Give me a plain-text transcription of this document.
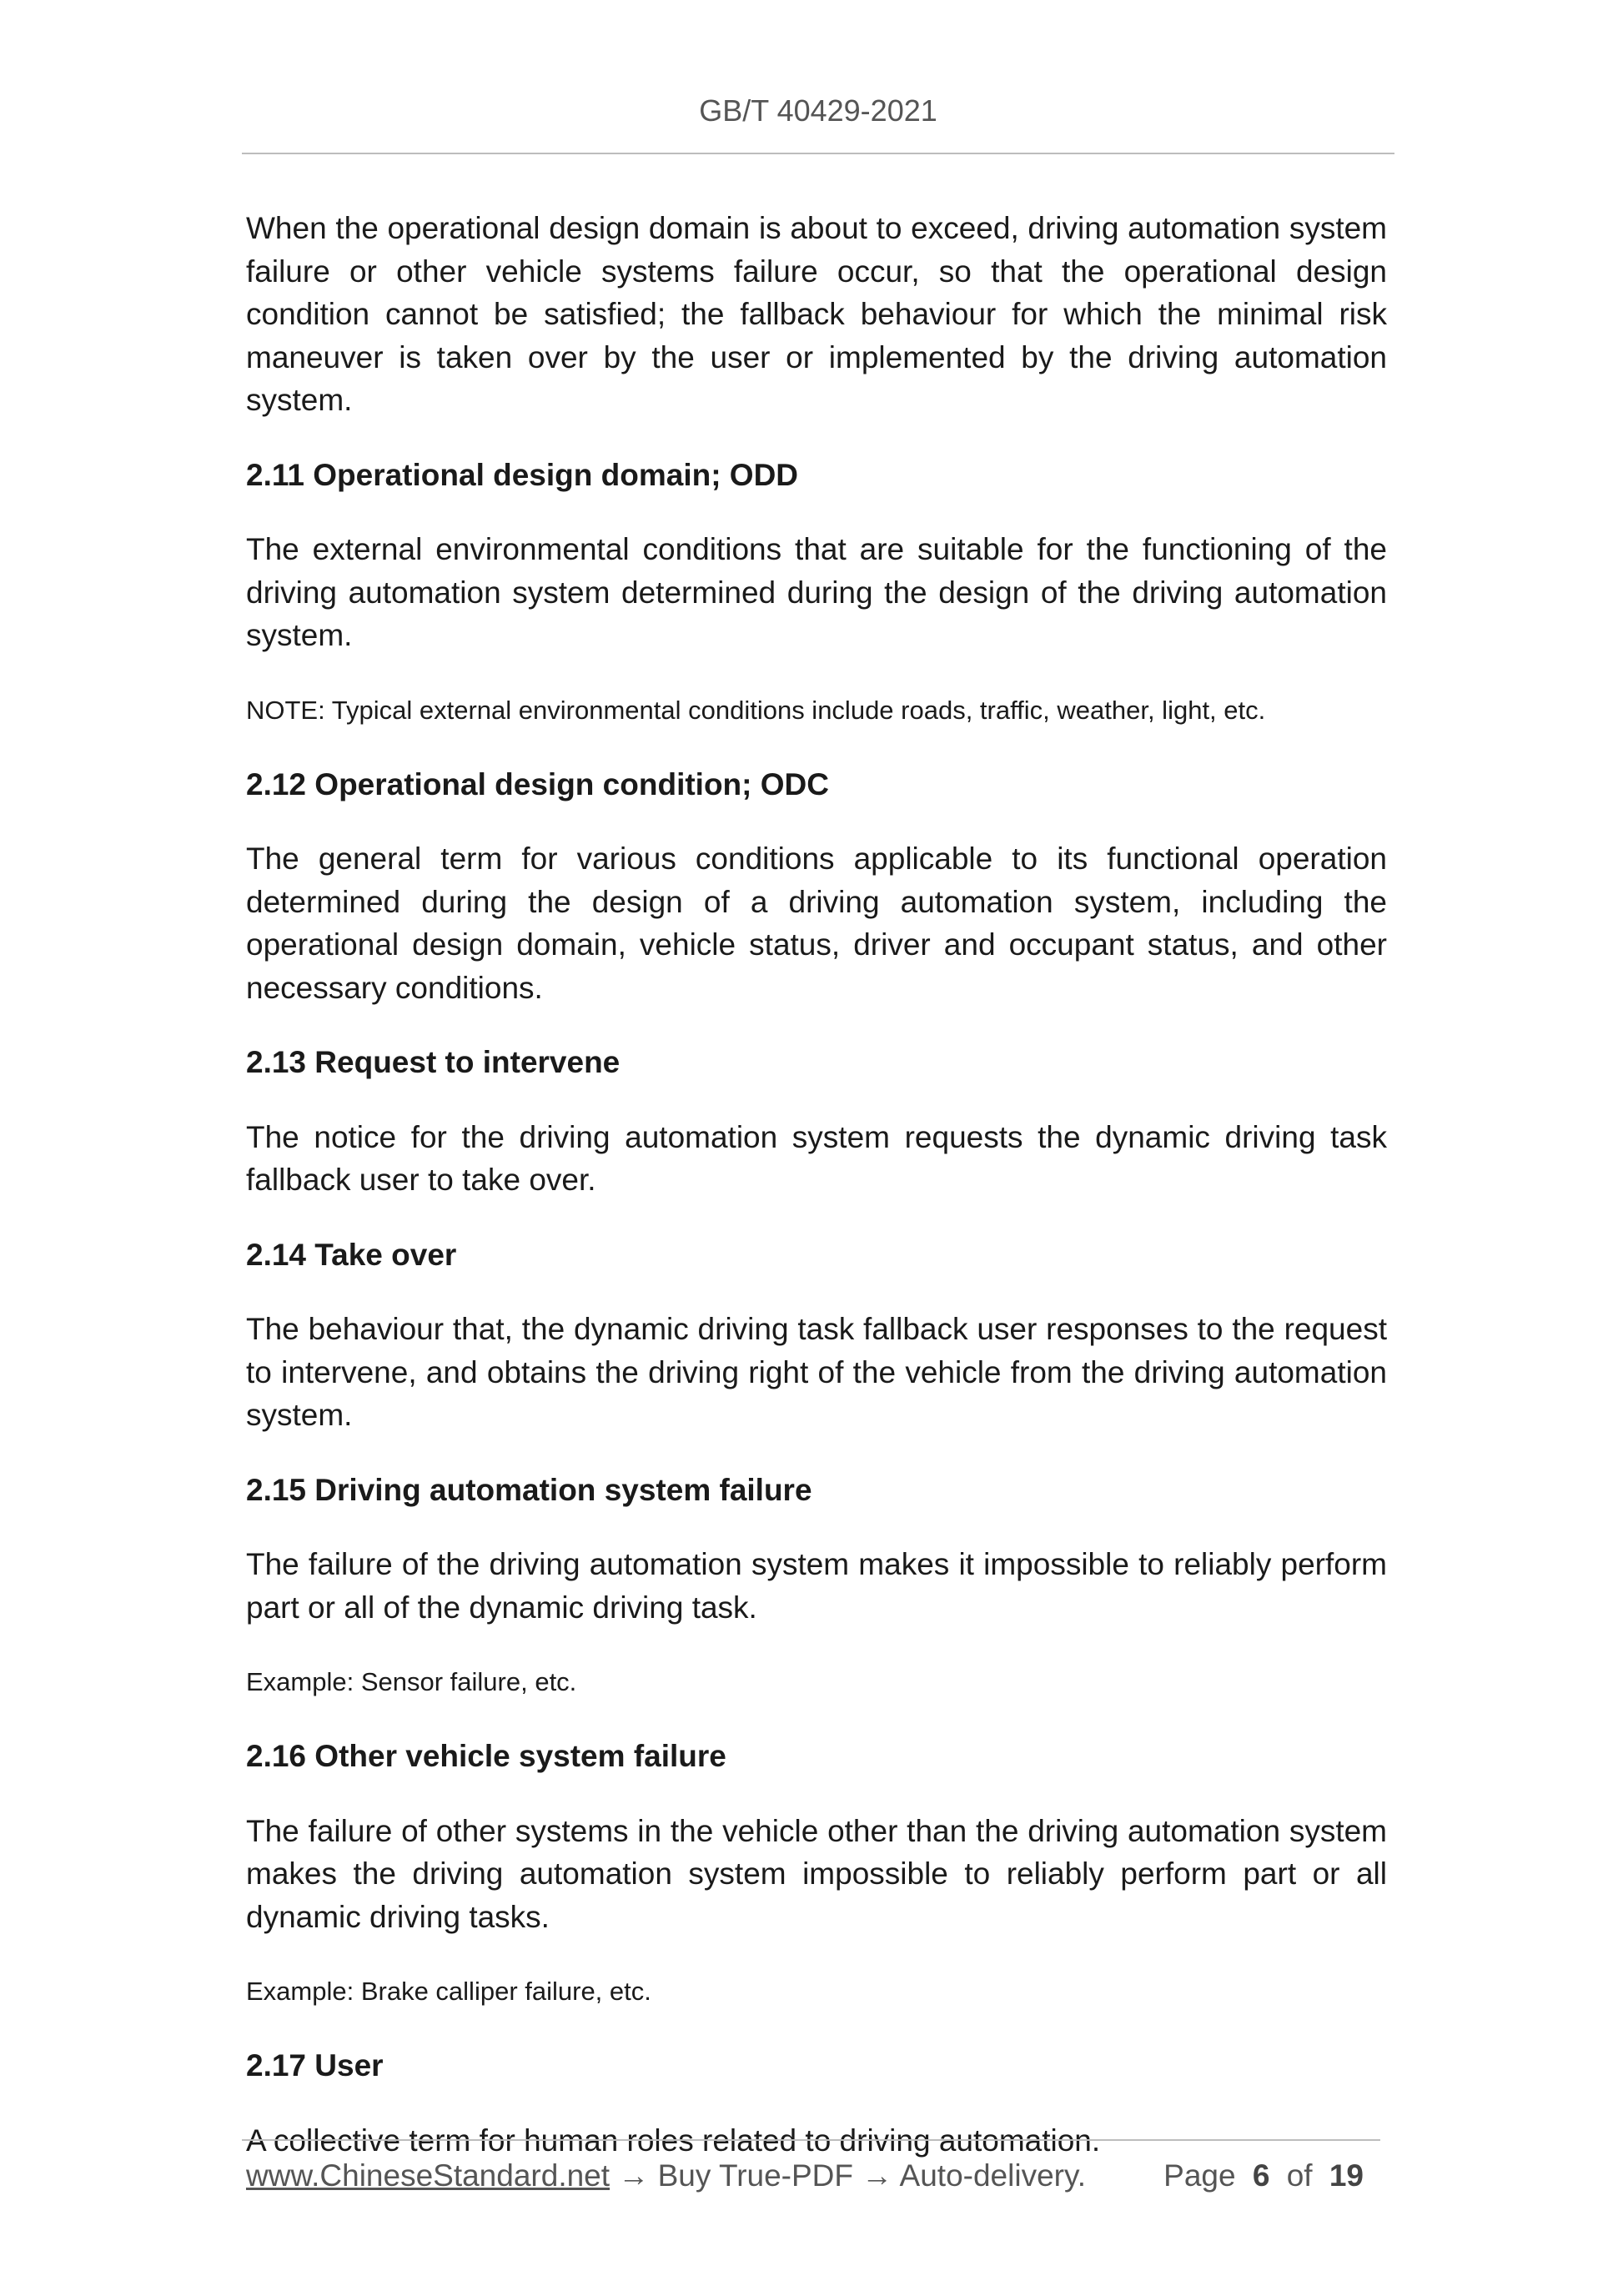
GB/T 40429-2021

When the operational design domain is about to exceed, driving automation system failure or other vehicle systems failure occur, so that the operational design condition cannot be satisfied; the fallback behaviour for which the minimal risk maneuver is taken over by the user or implemented by the driving automation system.

2.11 Operational design domain; ODD

The external environmental conditions that are suitable for the functioning of the driving automation system determined during the design of the driving automation system.

NOTE: Typical external environmental conditions include roads, traffic, weather, light, etc.
2.12 Operational design condition; ODC

The general term for various conditions applicable to its functional operation determined during the design of a driving automation system, including the operational design domain, vehicle status, driver and occupant status, and other necessary conditions.

2.13 Request to intervene

The notice for the driving automation system requests the dynamic driving task fallback user to take over.

2.14 Take over

The behaviour that, the dynamic driving task fallback user responses to the request to intervene, and obtains the driving right of the vehicle from the driving automation system.

2.15 Driving automation system failure

The failure of the driving automation system makes it impossible to reliably perform part or all of the dynamic driving task.

Example: Sensor failure, etc.
2.16 Other vehicle system failure

The failure of other systems in the vehicle other than the driving automation system makes the driving automation system impossible to reliably perform part or all dynamic driving tasks.

Example: Brake calliper failure, etc.
2.17 User

A collective term for human roles related to driving automation.

www.ChineseStandard.net → Buy True-PDF → Auto-delivery.	Page 6 of 19
